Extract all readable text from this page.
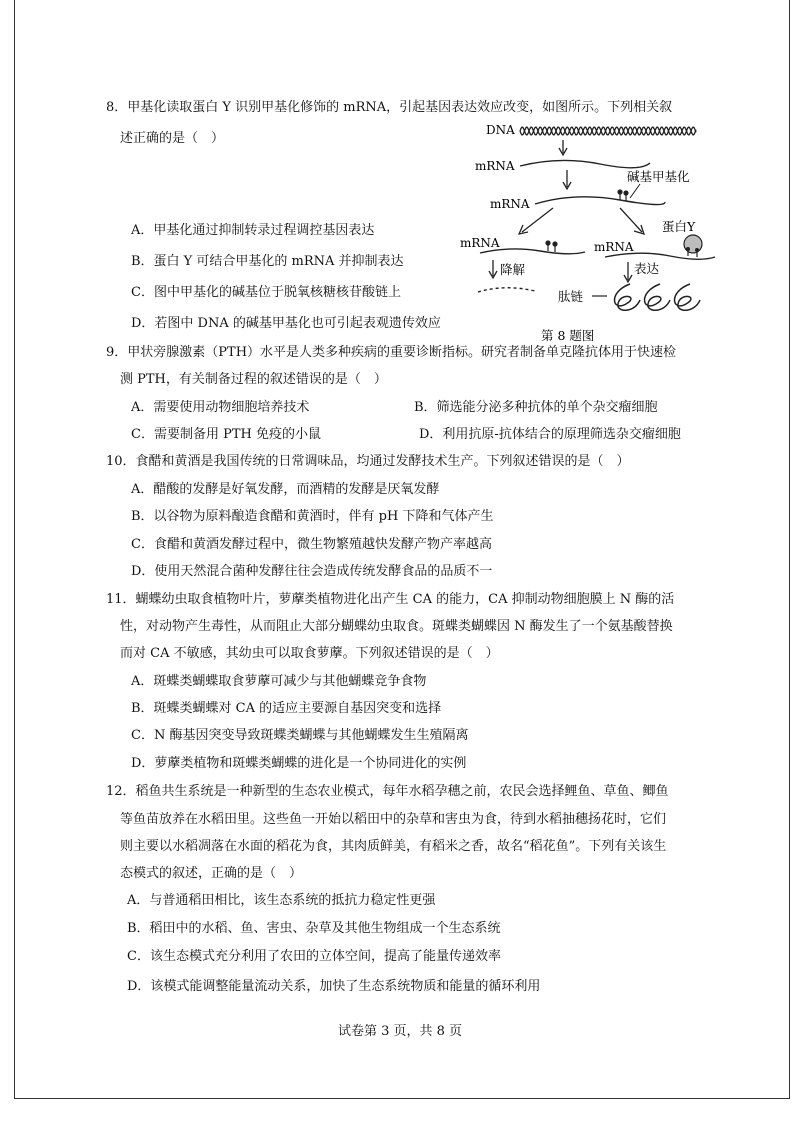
8．甲基化读取蛋白 Y 识别甲基化修饰的 mRNA，引起基因表达效应改变，如图所示。下列相关叙
述正确的是（　）
A．甲基化通过抑制转录过程调控基因表达
B．蛋白 Y 可结合甲基化的 mRNA 并抑制表达
C．图中甲基化的碱基位于脱氧核糖核苷酸链上
D．若图中 DNA 的碱基甲基化也可引起表观遗传效应
DNA
mRNA
碱基甲基化
mRNA
蛋白Y
mRNA	mRNA
降解	表达
肽链
第 8 题图
9．甲状旁腺激素（PTH）水平是人类多种疾病的重要诊断指标。研究者制备单克隆抗体用于快速检
测 PTH，有关制备过程的叙述错误的是（　）
A．需要使用动物细胞培养技术	B．筛选能分泌多种抗体的单个杂交瘤细胞
C．需要制备用 PTH 免疫的小鼠	D．利用抗原-抗体结合的原理筛选杂交瘤细胞
10．食醋和黄酒是我国传统的日常调味品，均通过发酵技术生产。下列叙述错误的是（　）
A．醋酸的发酵是好氧发酵，而酒精的发酵是厌氧发酵
B．以谷物为原料酿造食醋和黄酒时，伴有 pH 下降和气体产生
C．食醋和黄酒发酵过程中，微生物繁殖越快发酵产物产率越高
D．使用天然混合菌种发酵往往会造成传统发酵食品的品质不一
11．蝴蝶幼虫取食植物叶片，萝藦类植物进化出产生 CA 的能力，CA 抑制动物细胞膜上 N 酶的活
性，对动物产生毒性，从而阻止大部分蝴蝶幼虫取食。斑蝶类蝴蝶因 N 酶发生了一个氨基酸替换
而对 CA 不敏感，其幼虫可以取食萝藦。下列叙述错误的是（　）
A．斑蝶类蝴蝶取食萝藦可减少与其他蝴蝶竞争食物
B．斑蝶类蝴蝶对 CA 的适应主要源自基因突变和选择
C．N 酶基因突变导致斑蝶类蝴蝶与其他蝴蝶发生生殖隔离
D．萝藦类植物和斑蝶类蝴蝶的进化是一个协同进化的实例
12．稻鱼共生系统是一种新型的生态农业模式，每年水稻孕穗之前，农民会选择鲤鱼、草鱼、鲫鱼
等鱼苗放养在水稻田里。这些鱼一开始以稻田中的杂草和害虫为食，待到水稻抽穗扬花时，它们
则主要以水稻凋落在水面的稻花为食，其肉质鲜美，有稻米之香，故名“稻花鱼”。下列有关该生
态模式的叙述，正确的是（　）
A．与普通稻田相比，该生态系统的抵抗力稳定性更强
B．稻田中的水稻、鱼、害虫、杂草及其他生物组成一个生态系统
C．该生态模式充分利用了农田的立体空间，提高了能量传递效率
D．该模式能调整能量流动关系，加快了生态系统物质和能量的循环利用
试卷第 3 页，共 8 页
